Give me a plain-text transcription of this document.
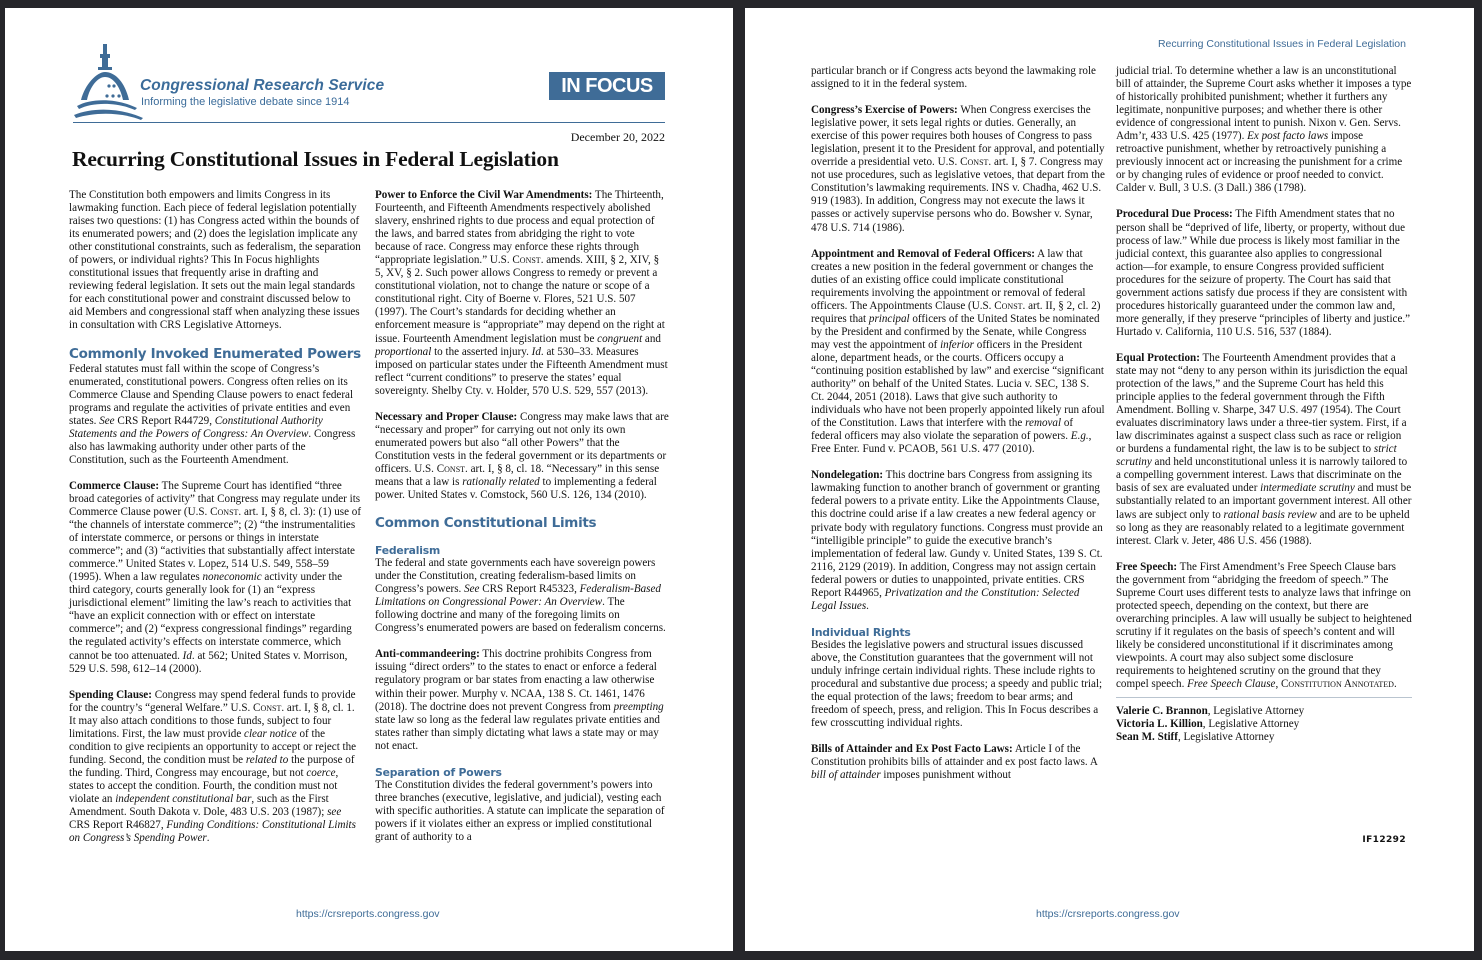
Congressional Research Service
Informing the legislative debate since 1914
IN FOCUS
December 20, 2022
Recurring Constitutional Issues in Federal Legislation

The Constitution both empowers and limits Congress in its lawmaking function. Each piece of federal legislation potentially raises two questions: (1) has Congress acted within the bounds of its enumerated powers; and (2) does the legislation implicate any other constitutional constraints, such as federalism, the separation of powers, or individual rights? This In Focus highlights constitutional issues that frequently arise in drafting and reviewing federal legislation. It sets out the main legal standards for each constitutional power and constraint discussed below to aid Members and congressional staff when analyzing these issues in consultation with CRS Legislative Attorneys.

Commonly Invoked Enumerated Powers

Federal statutes must fall within the scope of Congress’s enumerated, constitutional powers. Congress often relies on its Commerce Clause and Spending Clause powers to enact federal programs and regulate the activities of private entities and even states. See CRS Report R44729, Constitutional Authority Statements and the Powers of Congress: An Overview. Congress also has lawmaking authority under other parts of the Constitution, such as the Fourteenth Amendment.

Commerce Clause: The Supreme Court has identified “three broad categories of activity” that Congress may regulate under its Commerce Clause power (U.S. Const. art. I, § 8, cl. 3): (1) use of “the channels of interstate commerce”; (2) “the instrumentalities of interstate commerce, or persons or things in interstate commerce”; and (3) “activities that substantially affect interstate commerce.” United States v. Lopez, 514 U.S. 549, 558–59 (1995). When a law regulates noneconomic activity under the third category, courts generally look for (1) an “express jurisdictional element” limiting the law’s reach to activities that “have an explicit connection with or effect on interstate commerce”; and (2) “express congressional findings” regarding the regulated activity’s effects on interstate commerce, which cannot be too attenuated. Id. at 562; United States v. Morrison, 529 U.S. 598, 612–14 (2000).

Spending Clause: Congress may spend federal funds to provide for the country’s “general Welfare.” U.S. Const. art. I, § 8, cl. 1. It may also attach conditions to those funds, subject to four limitations. First, the law must provide clear notice of the condition to give recipients an opportunity to accept or reject the funding. Second, the condition must be related to the purpose of the funding. Third, Congress may encourage, but not coerce, states to accept the condition. Fourth, the condition must not violate an independent constitutional bar, such as the First Amendment. South Dakota v. Dole, 483 U.S. 203 (1987); see CRS Report R46827, Funding Conditions: Constitutional Limits on Congress’s Spending Power.

Power to Enforce the Civil War Amendments: The Thirteenth, Fourteenth, and Fifteenth Amendments respectively abolished slavery, enshrined rights to due process and equal protection of the laws, and barred states from abridging the right to vote because of race. Congress may enforce these rights through “appropriate legislation.” U.S. Const. amends. XIII, § 2, XIV, § 5, XV, § 2. Such power allows Congress to remedy or prevent a constitutional violation, not to change the nature or scope of a constitutional right. City of Boerne v. Flores, 521 U.S. 507 (1997). The Court’s standards for deciding whether an enforcement measure is “appropriate” may depend on the right at issue. Fourteenth Amendment legislation must be congruent and proportional to the asserted injury. Id. at 530–33. Measures imposed on particular states under the Fifteenth Amendment must reflect “current conditions” to preserve the states’ equal sovereignty. Shelby Cty. v. Holder, 570 U.S. 529, 557 (2013).

Necessary and Proper Clause: Congress may make laws that are “necessary and proper” for carrying out not only its own enumerated powers but also “all other Powers” that the Constitution vests in the federal government or its departments or officers. U.S. Const. art. I, § 8, cl. 18. “Necessary” in this sense means that a law is rationally related to implementing a federal power. United States v. Comstock, 560 U.S. 126, 134 (2010).

Common Constitutional Limits
Federalism

The federal and state governments each have sovereign powers under the Constitution, creating federalism-based limits on Congress’s powers. See CRS Report R45323, Federalism-Based Limitations on Congressional Power: An Overview. The following doctrine and many of the foregoing limits on Congress’s enumerated powers are based on federalism concerns.

Anti-commandeering: This doctrine prohibits Congress from issuing “direct orders” to the states to enact or enforce a federal regulatory program or bar states from enacting a law otherwise within their power. Murphy v. NCAA, 138 S. Ct. 1461, 1476 (2018). The doctrine does not prevent Congress from preempting state law so long as the federal law regulates private entities and states rather than simply dictating what laws a state may or may not enact.

Separation of Powers

The Constitution divides the federal government’s powers into three branches (executive, legislative, and judicial), vesting each with specific authorities. A statute can implicate the separation of powers if it violates either an express or implied constitutional grant of authority to a

https://crsreports.congress.gov
Recurring Constitutional Issues in Federal Legislation

particular branch or if Congress acts beyond the lawmaking role assigned to it in the federal system.

Congress’s Exercise of Powers: When Congress exercises the legislative power, it sets legal rights or duties. Generally, an exercise of this power requires both houses of Congress to pass legislation, present it to the President for approval, and potentially override a presidential veto. U.S. Const. art. I, § 7. Congress may not use procedures, such as legislative vetoes, that depart from the Constitution’s lawmaking requirements. INS v. Chadha, 462 U.S. 919 (1983). In addition, Congress may not execute the laws it passes or actively supervise persons who do. Bowsher v. Synar, 478 U.S. 714 (1986).

Appointment and Removal of Federal Officers: A law that creates a new position in the federal government or changes the duties of an existing office could implicate constitutional requirements involving the appointment or removal of federal officers. The Appointments Clause (U.S. Const. art. II, § 2, cl. 2) requires that principal officers of the United States be nominated by the President and confirmed by the Senate, while Congress may vest the appointment of inferior officers in the President alone, department heads, or the courts. Officers occupy a “continuing position established by law” and exercise “significant authority” on behalf of the United States. Lucia v. SEC, 138 S. Ct. 2044, 2051 (2018). Laws that give such authority to individuals who have not been properly appointed likely run afoul of the Constitution. Laws that interfere with the removal of federal officers may also violate the separation of powers. E.g., Free Enter. Fund v. PCAOB, 561 U.S. 477 (2010).

Nondelegation: This doctrine bars Congress from assigning its lawmaking function to another branch of government or granting federal powers to a private entity. Like the Appointments Clause, this doctrine could arise if a law creates a new federal agency or private body with regulatory functions. Congress must provide an “intelligible principle” to guide the executive branch’s implementation of federal law. Gundy v. United States, 139 S. Ct. 2116, 2129 (2019). In addition, Congress may not assign certain federal powers or duties to unappointed, private entities. CRS Report R44965, Privatization and the Constitution: Selected Legal Issues.

Individual Rights

Besides the legislative powers and structural issues discussed above, the Constitution guarantees that the government will not unduly infringe certain individual rights. These include rights to procedural and substantive due process; a speedy and public trial; the equal protection of the laws; freedom to bear arms; and freedom of speech, press, and religion. This In Focus describes a few crosscutting individual rights.

Bills of Attainder and Ex Post Facto Laws: Article I of the Constitution prohibits bills of attainder and ex post facto laws. A bill of attainder imposes punishment without

judicial trial. To determine whether a law is an unconstitutional bill of attainder, the Supreme Court asks whether it imposes a type of historically prohibited punishment; whether it furthers any legitimate, nonpunitive purposes; and whether there is other evidence of congressional intent to punish. Nixon v. Gen. Servs. Adm’r, 433 U.S. 425 (1977). Ex post facto laws impose retroactive punishment, whether by retroactively punishing a previously innocent act or increasing the punishment for a crime or by changing rules of evidence or proof needed to convict. Calder v. Bull, 3 U.S. (3 Dall.) 386 (1798).

Procedural Due Process: The Fifth Amendment states that no person shall be “deprived of life, liberty, or property, without due process of law.” While due process is likely most familiar in the judicial context, this guarantee also applies to congressional action—for example, to ensure Congress provided sufficient procedures for the seizure of property. The Court has said that government actions satisfy due process if they are consistent with procedures historically guaranteed under the common law and, more generally, if they preserve “principles of liberty and justice.” Hurtado v. California, 110 U.S. 516, 537 (1884).

Equal Protection: The Fourteenth Amendment provides that a state may not “deny to any person within its jurisdiction the equal protection of the laws,” and the Supreme Court has held this principle applies to the federal government through the Fifth Amendment. Bolling v. Sharpe, 347 U.S. 497 (1954). The Court evaluates discriminatory laws under a three-tier system. First, if a law discriminates against a suspect class such as race or religion or burdens a fundamental right, the law is to be subject to strict scrutiny and held unconstitutional unless it is narrowly tailored to a compelling government interest. Laws that discriminate on the basis of sex are evaluated under intermediate scrutiny and must be substantially related to an important government interest. All other laws are subject only to rational basis review and are to be upheld so long as they are reasonably related to a legitimate government interest. Clark v. Jeter, 486 U.S. 456 (1988).

Free Speech: The First Amendment’s Free Speech Clause bars the government from “abridging the freedom of speech.” The Supreme Court uses different tests to analyze laws that infringe on protected speech, depending on the context, but there are overarching principles. A law will usually be subject to heightened scrutiny if it regulates on the basis of speech’s content and will likely be considered unconstitutional if it discriminates among viewpoints. A court may also subject some disclosure requirements to heightened scrutiny on the ground that they compel speech. Free Speech Clause, Constitution Annotated.

Valerie C. Brannon, Legislative Attorney

Victoria L. Killion, Legislative Attorney

Sean M. Stiff, Legislative Attorney

IF12292
https://crsreports.congress.gov
